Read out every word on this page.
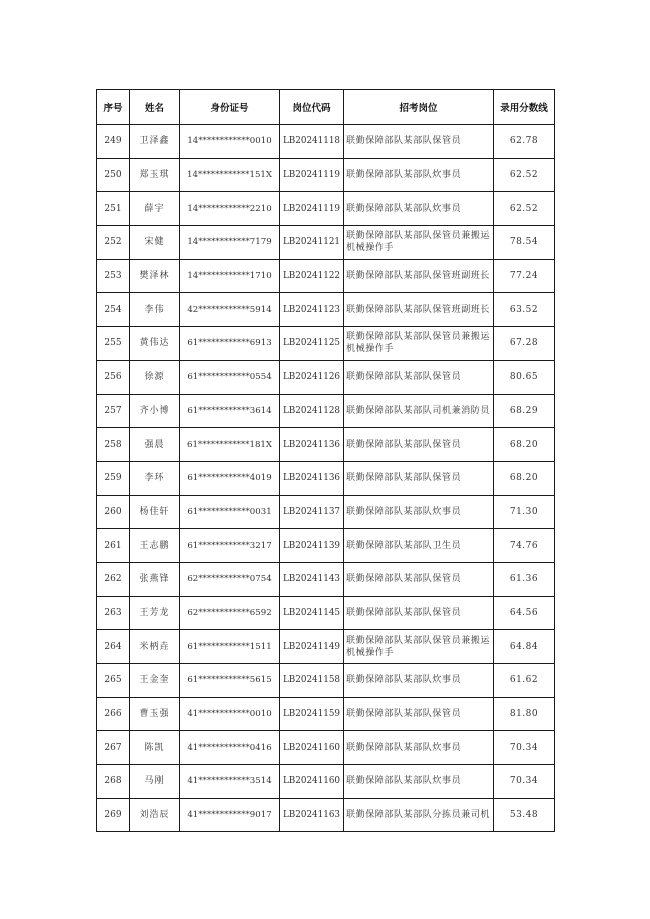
序号	姓名	身份证号	岗位代码	招考岗位	录用分数线
249	卫泽鑫	14************0010	LB20241118	联勤保障部队某部队保管员	62.78
250	郑玉琪	14************151X	LB20241119	联勤保障部队某部队炊事员	62.52
251	薛宇	14************2210	LB20241119	联勤保障部队某部队炊事员	62.52
252	宋健	14************7179	LB20241121	联勤保障部队某部队保管员兼搬运机械操作手	78.54
253	樊泽林	14************1710	LB20241122	联勤保障部队某部队保管班副班长	77.24
254	李伟	42************5914	LB20241123	联勤保障部队某部队保管班副班长	63.52
255	黄伟达	61************6913	LB20241125	联勤保障部队某部队保管员兼搬运机械操作手	67.28
256	徐源	61************0554	LB20241126	联勤保障部队某部队保管员	80.65
257	齐小博	61************3614	LB20241128	联勤保障部队某部队司机兼消防员	68.29
258	强晨	61************181X	LB20241136	联勤保障部队某部队保管员	68.20
259	李环	61************4019	LB20241136	联勤保障部队某部队保管员	68.20
260	杨佳轩	61************0031	LB20241137	联勤保障部队某部队炊事员	71.30
261	王志鹏	61************3217	LB20241139	联勤保障部队某部队卫生员	74.76
262	张燕锋	62************0754	LB20241143	联勤保障部队某部队保管员	61.36
263	王芳龙	62************6592	LB20241145	联勤保障部队某部队保管员	64.56
264	米柄垚	61************1511	LB20241149	联勤保障部队某部队保管员兼搬运机械操作手	64.84
265	王金奎	61************5615	LB20241158	联勤保障部队某部队炊事员	61.62
266	曹玉强	41************0010	LB20241159	联勤保障部队某部队保管员	81.80
267	陈凯	41************0416	LB20241160	联勤保障部队某部队炊事员	70.34
268	马刚	41************3514	LB20241160	联勤保障部队某部队炊事员	70.34
269	刘浩辰	41************9017	LB20241163	联勤保障部队某部队分拣员兼司机	53.48
